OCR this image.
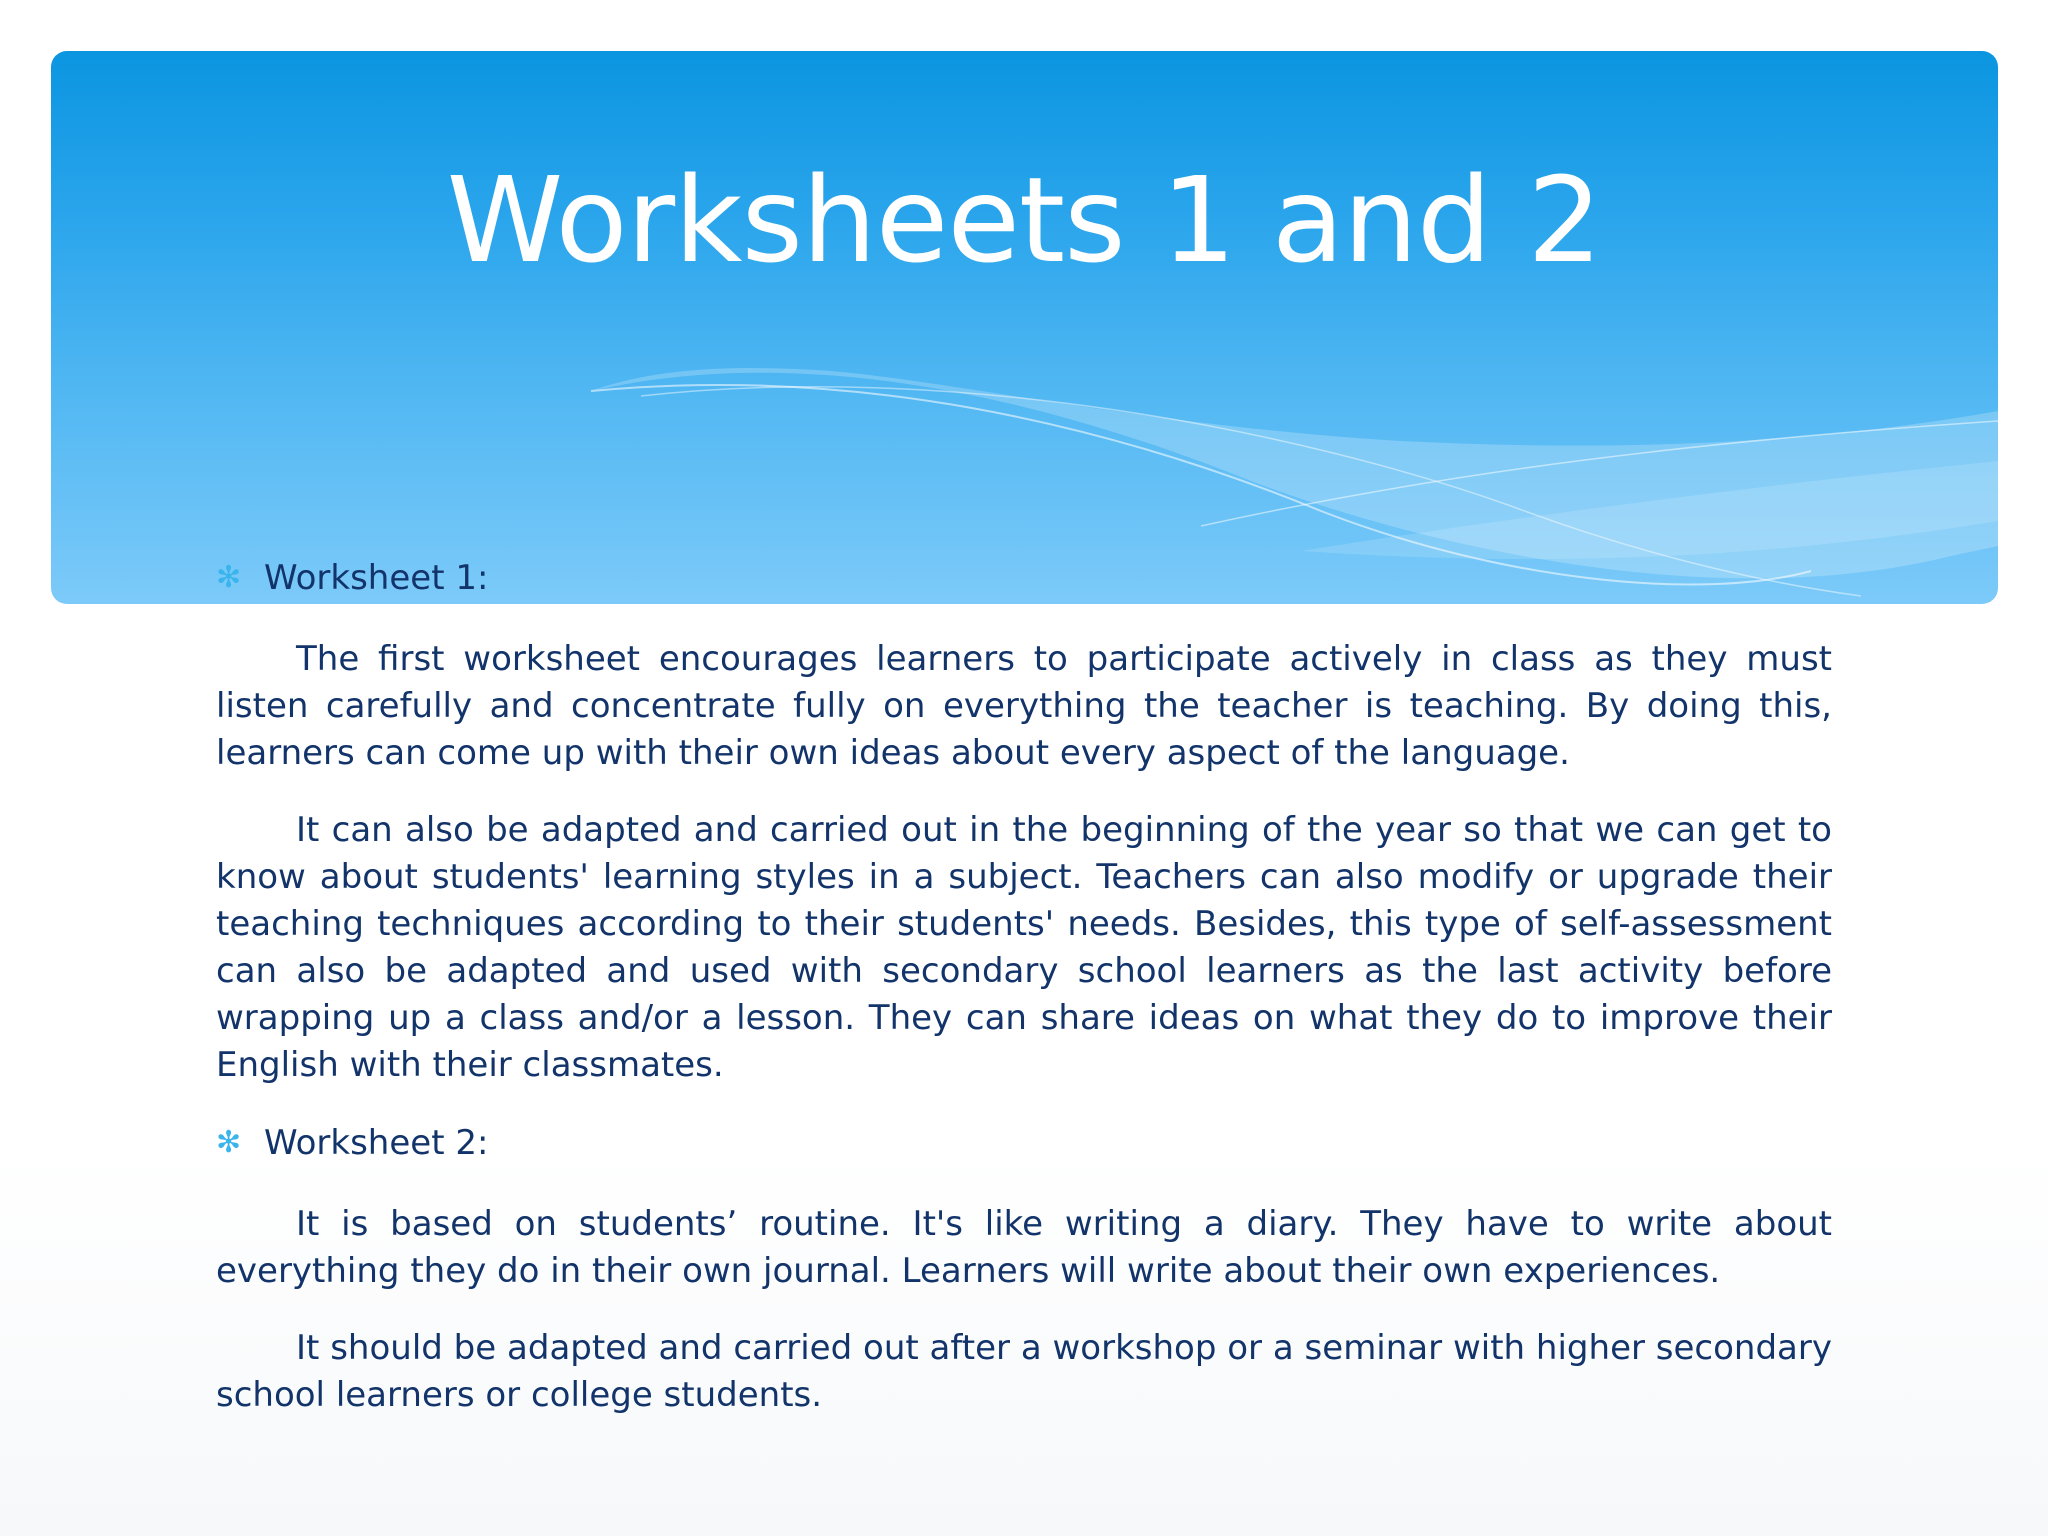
Worksheets 1 and 2
✻ Worksheet 1:

The first worksheet encourages learners to participate actively in class as they must listen carefully and concentrate fully on everything the teacher is teaching. By doing this, learners can come up with their own ideas about every aspect of the language.

It can also be adapted and carried out in the beginning of the year so that we can get to know about students' learning styles in a subject. Teachers can also modify or upgrade their teaching techniques according to their students' needs. Besides, this type of self-assessment can also be adapted and used with secondary school learners as the last activity before wrapping up a class and/or a lesson. They can share ideas on what they do to improve their English with their classmates.

✻ Worksheet 2:

It is based on students’ routine. It's like writing a diary. They have to write about everything they do in their own journal. Learners will write about their own experiences.

It should be adapted and carried out after a workshop or a seminar with higher secondary school learners or college students.
